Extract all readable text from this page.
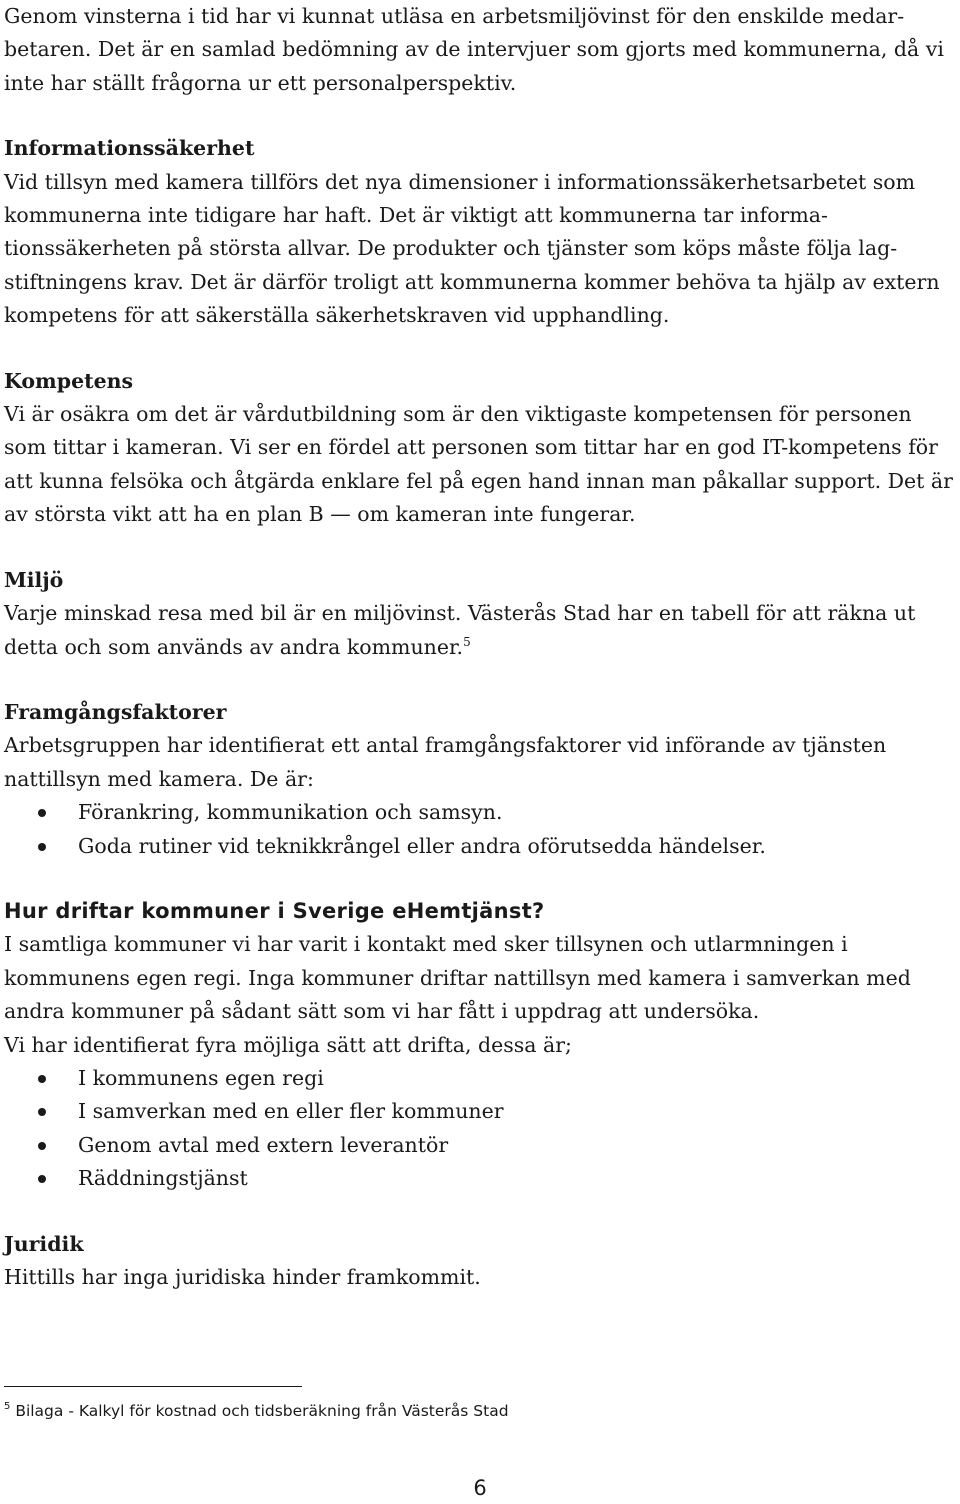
Genom vinsterna i tid har vi kunnat utläsa en arbetsmiljövinst för den enskilde medar-betaren. Det är en samlad bedömning av de intervjuer som gjorts med kommunerna, då vi inte har ställt frågorna ur ett personalperspektiv.

Informationssäkerhet

Vid tillsyn med kamera tillförs det nya dimensioner i informationssäkerhetsarbetet som kommunerna inte tidigare har haft. Det är viktigt att kommunerna tar informa-tionssäkerheten på största allvar. De produkter och tjänster som köps måste följa lag-stiftningens krav. Det är därför troligt att kommunerna kommer behöva ta hjälp av extern kompetens för att säkerställa säkerhetskraven vid upphandling.

Kompetens

Vi är osäkra om det är vårdutbildning som är den viktigaste kompetensen för personen som tittar i kameran. Vi ser en fördel att personen som tittar har en god IT-kompetens för att kunna felsöka och åtgärda enklare fel på egen hand innan man påkallar support. Det är av största vikt att ha en plan B — om kameran inte fungerar.

Miljö

Varje minskad resa med bil är en miljövinst. Västerås Stad har en tabell för att räkna ut detta och som används av andra kommuner.$^5$

Framgångsfaktorer

Arbetsgruppen har identifierat ett antal framgångsfaktorer vid införande av tjänsten nattillsyn med kamera. De är:

Förankring, kommunikation och samsyn.
Goda rutiner vid teknikkrångel eller andra oförutsedda händelser.
Hur driftar kommuner i Sverige eHemtjänst?

I samtliga kommuner vi har varit i kontakt med sker tillsynen och utlarmningen i kommunens egen regi. Inga kommuner driftar nattillsyn med kamera i samverkan med andra kommuner på sådant sätt som vi har fått i uppdrag att undersöka.

Vi har identifierat fyra möjliga sätt att drifta, dessa är;

I kommunens egen regi
I samverkan med en eller fler kommuner
Genom avtal med extern leverantör
Räddningstjänst
Juridik

Hittills har inga juridiska hinder framkommit.

$^5$ Bilaga - Kalkyl för kostnad och tidsberäkning från Västerås Stad
6
